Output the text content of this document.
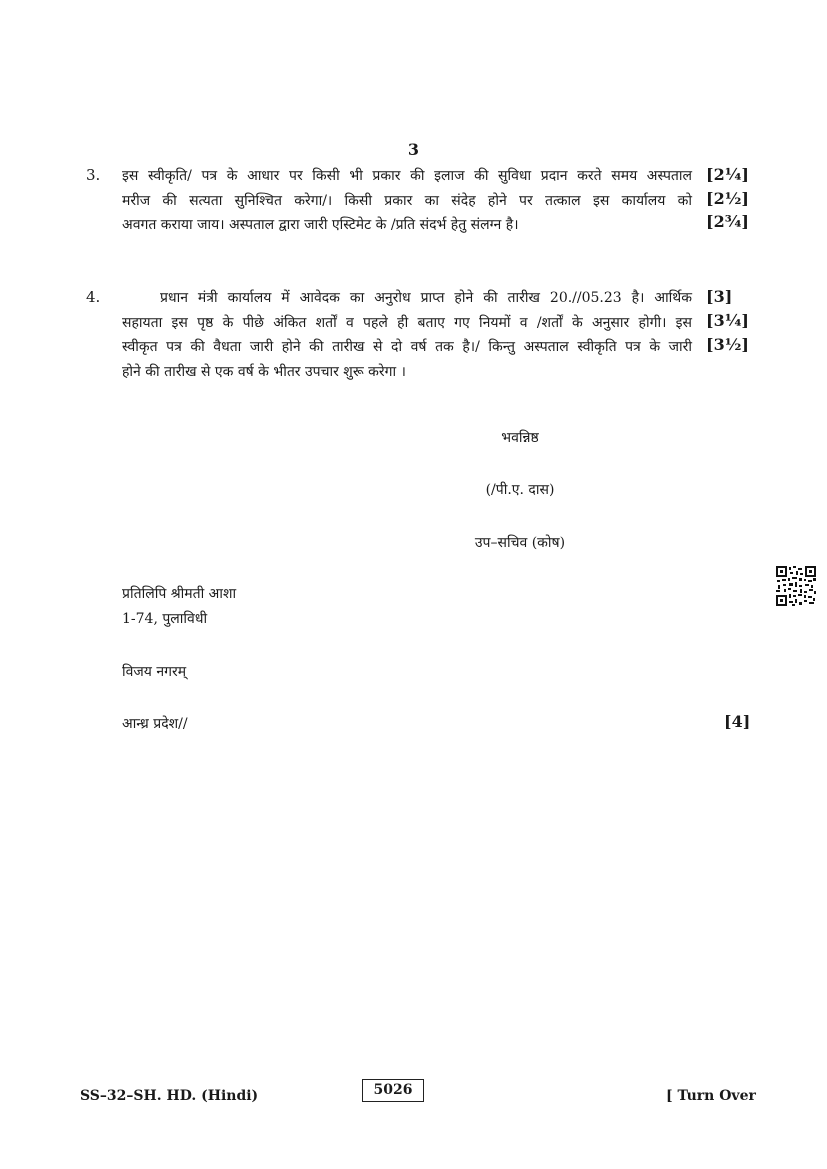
3
3. इस स्वीकृति/ पत्र के आधार पर किसी भी प्रकार की इलाज की सुविधा प्रदान करते समय अस्पताल
मरीज की सत्यता सुनिश्चित करेगा/। किसी प्रकार का संदेह होने पर तत्काल इस कार्यालय को
अवगत कराया जाय। अस्पताल द्वारा जारी एस्टिमेट के /प्रति संदर्भ हेतु संलग्न है।
[2¼]
[2½]
[2¾]
4.	प्रधान मंत्री कार्यालय में आवेदक का अनुरोध प्राप्त होने की तारीख 20.//05.23 है। आर्थिक
सहायता इस पृष्ठ के पीछे अंकित शर्तों व पहले ही बताए गए नियमों व /शर्तों के अनुसार होगी। इस
स्वीकृत पत्र की वैधता जारी होने की तारीख से दो वर्ष तक है।/ किन्तु अस्पताल स्वीकृति पत्र के जारी
होने की तारीख से एक वर्ष के भीतर उपचार शुरू करेगा ।
[3]
[3¼]
[3½]
भवन्निष्ठ
(/पी.ए. दास)
उप–सचिव (कोष)
प्रतिलिपि श्रीमती आशा
1-74, पुलाविधी
विजय नगरम्
आन्ध्र प्रदेश//	[4]
SS–32–SH. HD. (Hindi)	5026	[ Turn Over
